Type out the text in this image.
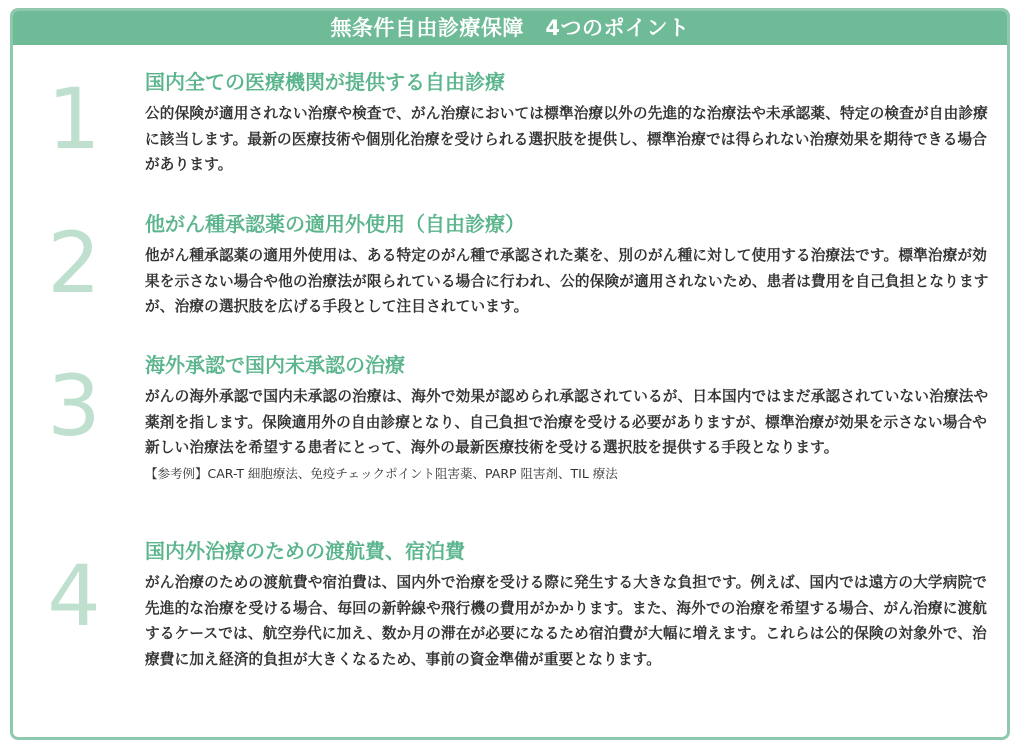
無条件自由診療保障　4つのポイント
1	国内全ての医療機関が提供する自由診療
公的保険が適用されない治療や検査で、がん治療においては標準治療以外の先進的な治療法や未承認薬、特定の検査が自由診療に該当します。最新の医療技術や個別化治療を受けられる選択肢を提供し、標準治療では得られない治療効果を期待できる場合があります。
2	他がん種承認薬の適用外使用（自由診療）
他がん種承認薬の適用外使用は、ある特定のがん種で承認された薬を、別のがん種に対して使用する治療法です。標準治療が効果を示さない場合や他の治療法が限られている場合に行われ、公的保険が適用されないため、患者は費用を自己負担となりますが、治療の選択肢を広げる手段として注目されています。
3	海外承認で国内未承認の治療
がんの海外承認で国内未承認の治療は、海外で効果が認められ承認されているが、日本国内ではまだ承認されていない治療法や薬剤を指します。保険適用外の自由診療となり、自己負担で治療を受ける必要がありますが、標準治療が効果を示さない場合や新しい治療法を希望する患者にとって、海外の最新医療技術を受ける選択肢を提供する手段となります。
【参考例】CAR-T 細胞療法、免疫チェックポイント阻害薬、PARP 阻害剤、TIL 療法
4	国内外治療のための渡航費、宿泊費
がん治療のための渡航費や宿泊費は、国内外で治療を受ける際に発生する大きな負担です。例えば、国内では遠方の大学病院で先進的な治療を受ける場合、毎回の新幹線や飛行機の費用がかかります。また、海外での治療を希望する場合、がん治療に渡航するケースでは、航空券代に加え、数か月の滞在が必要になるため宿泊費が大幅に増えます。これらは公的保険の対象外で、治療費に加え経済的負担が大きくなるため、事前の資金準備が重要となります。
